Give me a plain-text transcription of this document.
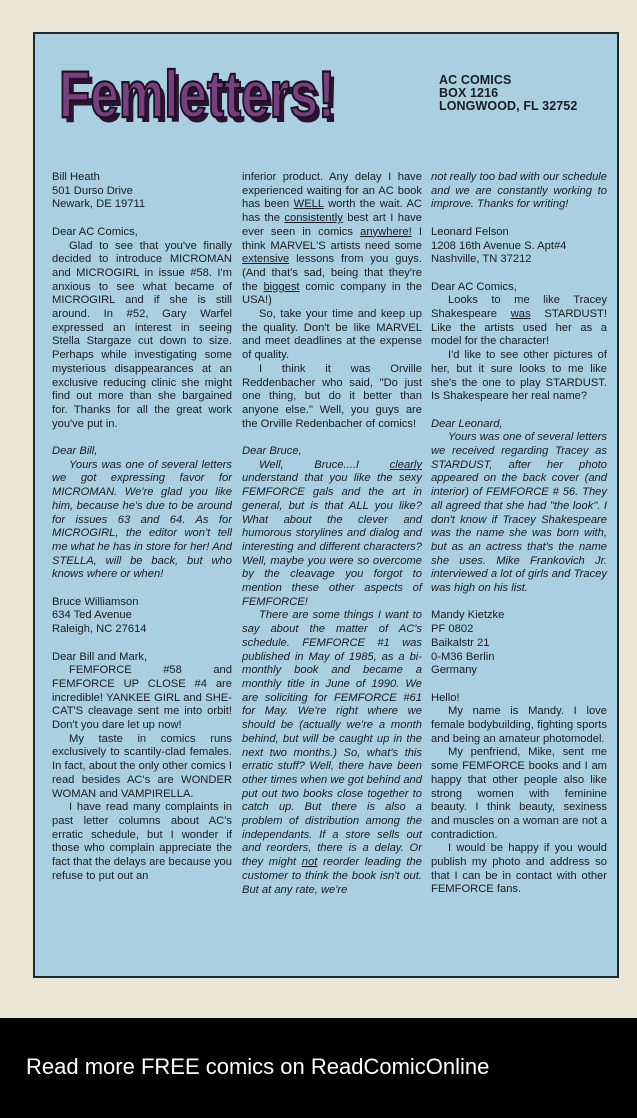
Femletters!
Femletters!	AC COMICS
BOX 1216
LONGWOOD, FL 32752

Bill Heath

501 Durso Drive

Newark, DE 19711

Dear AC Comics,

Glad to see that you've finally decided to introduce MICROMAN and MICROGIRL in issue #58. I'm anxious to see what became of MICROGIRL and if she is still around. In #52, Gary Warfel expressed an interest in seeing Stella Stargaze cut down to size. Perhaps while investigating some mysterious disappearances at an exclusive reducing clinic she might find out more than she bargained for. Thanks for all the great work you've put in.

Dear Bill,

Yours was one of several letters we got expressing favor for MICROMAN. We're glad you like him, because he's due to be around for issues 63 and 64. As for MICROGIRL, the editor won't tell me what he has in store for her! And STELLA, will be back, but who knows where or when!

Bruce Williamson

634 Ted Avenue

Raleigh, NC 27614

Dear Bill and Mark,

FEMFORCE #58 and FEMFORCE UP CLOSE #4 are incredible! YANKEE GIRL and SHE-CAT'S cleavage sent me into orbit! Don't you dare let up now!

My taste in comics runs exclusively to scantily-clad females. In fact, about the only other comics I read besides AC's are WONDER WOMAN and VAMPIRELLA.

I have read many complaints in past letter columns about AC's erratic schedule, but I wonder if those who complain appreciate the fact that the delays are because you refuse to put out an

inferior product. Any delay I have experienced waiting for an AC book has been WELL worth the wait. AC has the consistently best art I have ever seen in comics anywhere! I think MARVEL'S artists need some extensive lessons from you guys. (And that's sad, being that they're the biggest comic company in the USA!)

So, take your time and keep up the quality. Don't be like MARVEL and meet deadlines at the expense of quality.

I think it was Orville Reddenbacher who said, "Do just one thing, but do it better than anyone else." Well, you guys are the Orville Redenbacher of comics!

Dear Bruce,

Well, Bruce....I clearly understand that you like the sexy FEMFORCE gals and the art in general, but is that ALL you like? What about the clever and humorous storylines and dialog and interesting and different characters? Well, maybe you were so overcome by the cleavage you forgot to mention these other aspects of FEMFORCE!

There are some things I want to say about the matter of AC's schedule. FEMFORCE #1 was published in May of 1985, as a bi-monthly book and became a monthly title in June of 1990. We are soliciting for FEMFORCE #61 for May. We're right where we should be (actually we're a month behind, but will be caught up in the next two months.) So, what's this erratic stuff? Well, there have been other times when we got behind and put out two books close together to catch up. But there is also a problem of distribution among the independants. If a store sells out and reorders, there is a delay. Or they might not reorder leading the customer to think the book isn't out. But at any rate, we're

not really too bad with our schedule and we are constantly working to improve. Thanks for writing!

Leonard Felson

1208 16th Avenue S. Apt#4

Nashville, TN 37212

Dear AC Comics,

Looks to me like Tracey Shakespeare was STARDUST! Like the artists used her as a model for the character!

I'd like to see other pictures of her, but it sure looks to me like she's the one to play STARDUST. Is Shakespeare her real name?

Dear Leonard,

Yours was one of several letters we received regarding Tracey as STARDUST, after her photo appeared on the back cover (and interior) of FEMFORCE # 56. They all agreed that she had "the look". I don't know if Tracey Shakespeare was the name she was born with, but as an actress that's the name she uses. Mike Frankovich Jr. interviewed a lot of girls and Tracey was high on his list.

Mandy Kietzke

PF 0802

Baikalstr 21

0-M36 Berlin

Germany

Hello!

My name is Mandy. I love female bodybuilding, fighting sports and being an amateur photomodel.

My penfriend, Mike, sent me some FEMFORCE books and I am happy that other people also like strong women with feminine beauty. I think beauty, sexiness and muscles on a woman are not a contradiction.

I would be happy if you would publish my photo and address so that I can be in contact with other FEMFORCE fans.

Read more FREE comics on ReadComicOnline
